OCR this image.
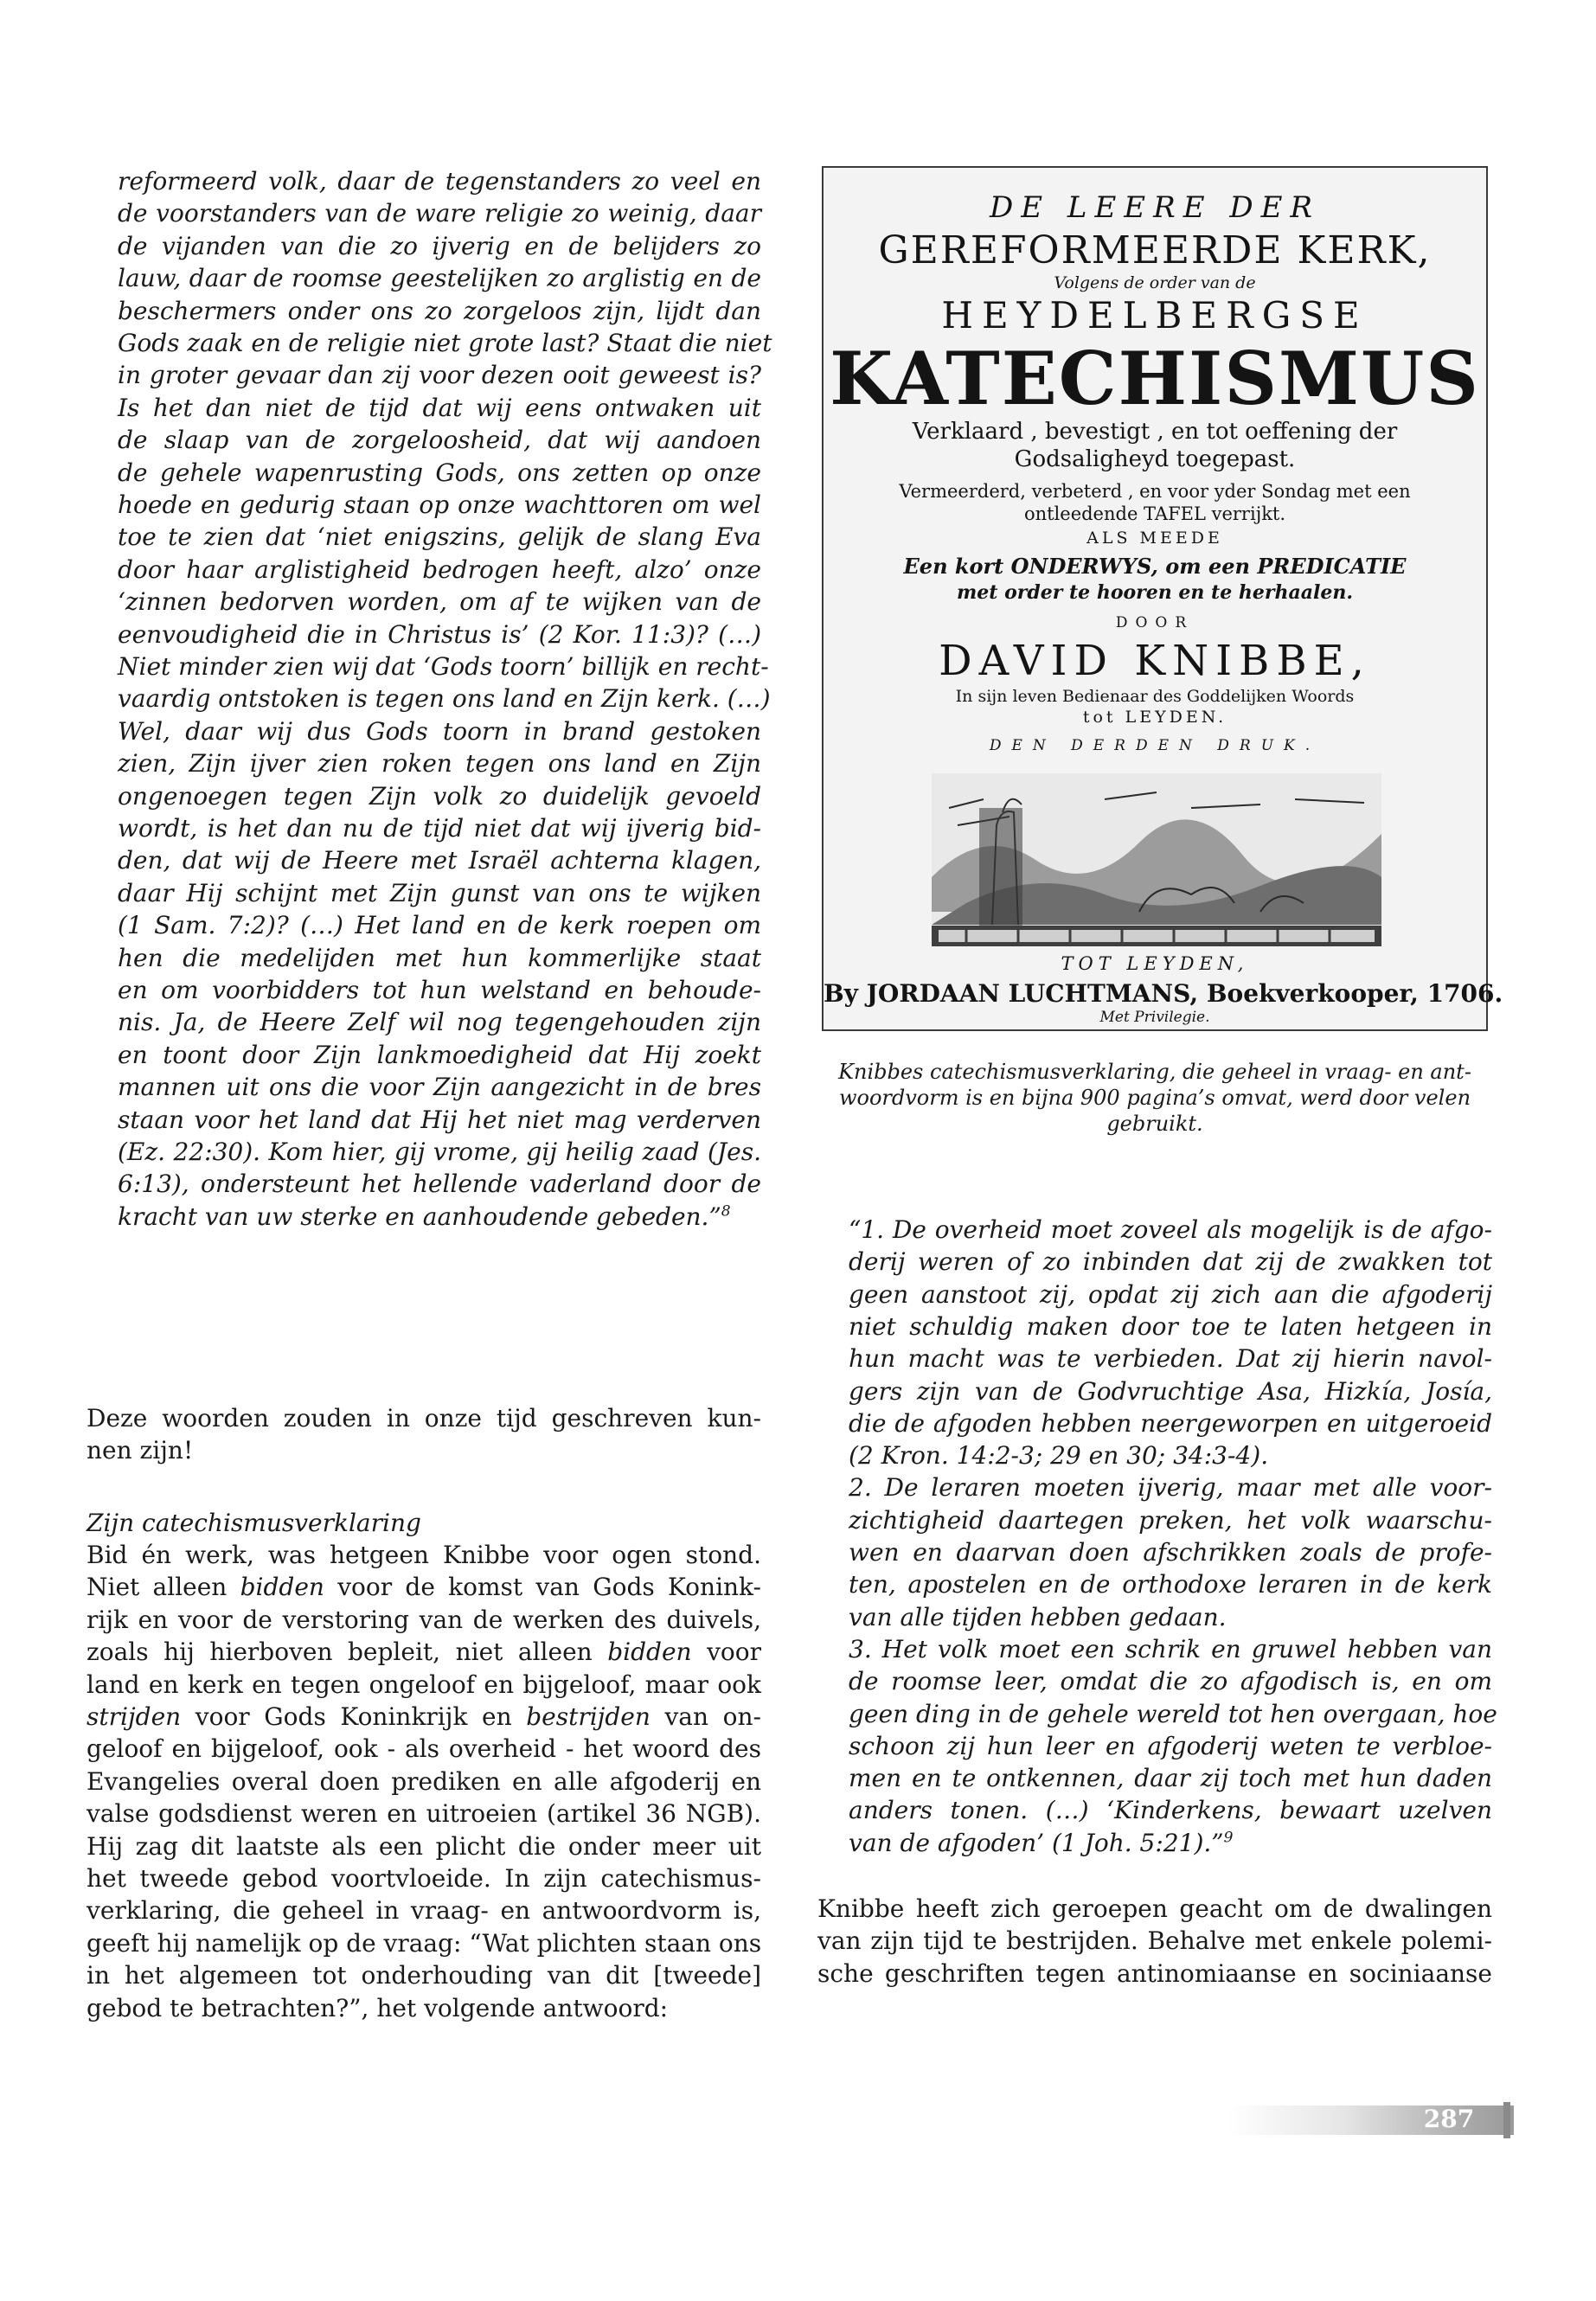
reformeerd volk, daar de tegenstanders zo veel en
de voorstanders van de ware religie zo weinig, daar
de vijanden van die zo ijverig en de belijders zo
lauw, daar de roomse geestelijken zo arglistig en de
beschermers onder ons zo zorgeloos zijn, lijdt dan
Gods zaak en de religie niet grote last? Staat die niet
in groter gevaar dan zij voor dezen ooit geweest is?
Is het dan niet de tijd dat wij eens ontwaken uit
de slaap van de zorgeloosheid, dat wij aandoen
de gehele wapenrusting Gods, ons zetten op onze
hoede en gedurig staan op onze wachttoren om wel
toe te zien dat ‘niet enigszins, gelijk de slang Eva
door haar arglistigheid bedrogen heeft, alzo’ onze
‘zinnen bedorven worden, om af te wijken van de
eenvoudigheid die in Christus is’ (2 Kor. 11:3)? (…)
Niet minder zien wij dat ‘Gods toorn’ billijk en recht-
vaardig ontstoken is tegen ons land en Zijn kerk. (…)
Wel, daar wij dus Gods toorn in brand gestoken
zien, Zijn ijver zien roken tegen ons land en Zijn
ongenoegen tegen Zijn volk zo duidelijk gevoeld
wordt, is het dan nu de tijd niet dat wij ijverig bid-
den, dat wij de Heere met Israël achterna klagen,
daar Hij schijnt met Zijn gunst van ons te wijken
(1 Sam. 7:2)? (…) Het land en de kerk roepen om
hen die medelijden met hun kommerlijke staat
en om voorbidders tot hun welstand en behoude-
nis. Ja, de Heere Zelf wil nog tegengehouden zijn
en toont door Zijn lankmoedigheid dat Hij zoekt
mannen uit ons die voor Zijn aangezicht in de bres
staan voor het land dat Hij het niet mag verderven
(Ez. 22:30). Kom hier, gij vrome, gij heilig zaad (Jes.
6:13), ondersteunt het hellende vaderland door de
kracht van uw sterke en aanhoudende gebeden.”$^8$
Deze woorden zouden in onze tijd geschreven kun-
nen zijn!
Zijn catechismusverklaring
Bid én werk, was hetgeen Knibbe voor ogen stond.
Niet alleen bidden voor de komst van Gods Konink-
rijk en voor de verstoring van de werken des duivels,
zoals hij hierboven bepleit, niet alleen bidden voor
land en kerk en tegen ongeloof en bijgeloof, maar ook
strijden voor Gods Koninkrijk en bestrijden van on-
geloof en bijgeloof, ook - als overheid - het woord des
Evangelies overal doen prediken en alle afgoderij en
valse godsdienst weren en uitroeien (artikel 36 NGB).
Hij zag dit laatste als een plicht die onder meer uit
het tweede gebod voortvloeide. In zijn catechismus-
verklaring, die geheel in vraag- en antwoordvorm is,
geeft hij namelijk op de vraag: “Wat plichten staan ons
in het algemeen tot onderhouding van dit [tweede]
gebod te betrachten?”, het volgende antwoord:
DE LEERE DER
GEREFORMEERDE KERK,
Volgens de order van de
HEYDELBERGSE
KATECHISMUS
Verklaard , bevestigt , en tot oeffening der
Godsaligheyd toegepast.
Vermeerderd, verbeterd , en voor yder Sondag met een
ontleedende TAFEL verrijkt.
ALS MEEDE
Een kort ONDERWYS, om een PREDICATIE
met order te hooren en te herhaalen.
DOOR
DAVID KNIBBE,
In sijn leven Bedienaar des Goddelijken Woords
tot LEYDEN.
DEN DERDEN DRUK.
TOT LEYDEN,
By JORDAAN LUCHTMANS, Boekverkooper, 1706.
Met Privilegie.
Knibbes catechismusverklaring, die geheel in vraag- en ant-
woordvorm is en bijna 900 pagina’s omvat, werd door velen
gebruikt.
“1. De overheid moet zoveel als mogelijk is de afgo-
derij weren of zo inbinden dat zij de zwakken tot
geen aanstoot zij, opdat zij zich aan die afgoderij
niet schuldig maken door toe te laten hetgeen in
hun macht was te verbieden. Dat zij hierin navol-
gers zijn van de Godvruchtige Asa, Hizkía, Josía,
die de afgoden hebben neergeworpen en uitgeroeid
(2 Kron. 14:2-3; 29 en 30; 34:3-4).
2. De leraren moeten ijverig, maar met alle voor-
zichtigheid daartegen preken, het volk waarschu-
wen en daarvan doen afschrikken zoals de profe-
ten, apostelen en de orthodoxe leraren in de kerk
van alle tijden hebben gedaan.
3. Het volk moet een schrik en gruwel hebben van
de roomse leer, omdat die zo afgodisch is, en om
geen ding in de gehele wereld tot hen overgaan, hoe
schoon zij hun leer en afgoderij weten te verbloe-
men en te ontkennen, daar zij toch met hun daden
anders tonen. (…) ‘Kinderkens, bewaart uzelven
van de afgoden’ (1 Joh. 5:21).”$^9$
Knibbe heeft zich geroepen geacht om de dwalingen
van zijn tijd te bestrijden. Behalve met enkele polemi-
sche geschriften tegen antinomiaanse en sociniaanse
287
